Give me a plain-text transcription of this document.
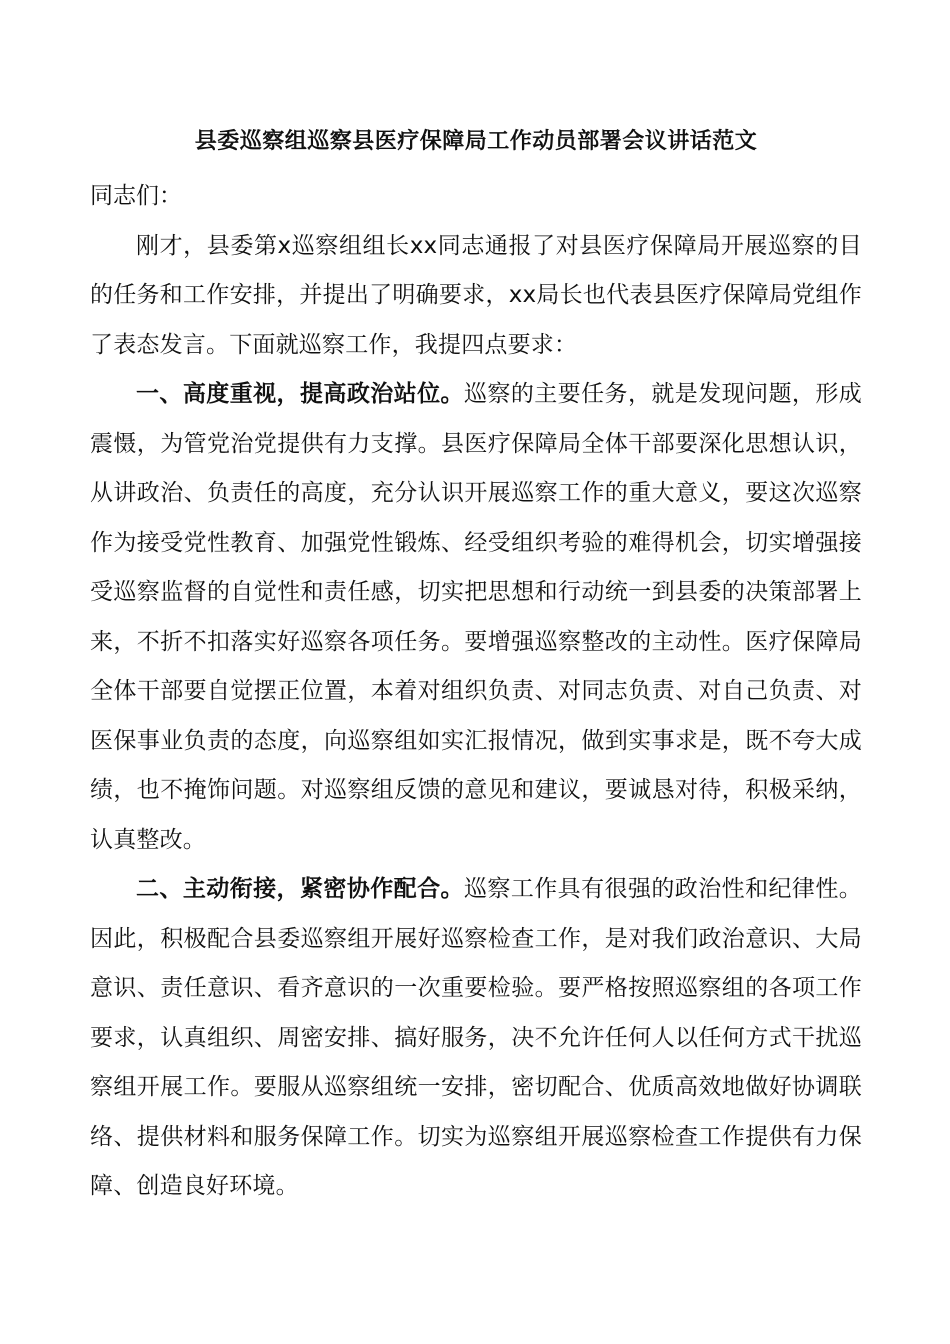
县委巡察组巡察县医疗保障局工作动员部署会议讲话范文

同志们：

刚才，县委第x巡察组组长xx同志通报了对县医疗保障局开展巡察的目的任务和工作安排，并提出了明确要求，xx局长也代表县医疗保障局党组作了表态发言。下面就巡察工作，我提四点要求：

一、高度重视，提高政治站位。巡察的主要任务，就是发现问题，形成震慑，为管党治党提供有力支撑。县医疗保障局全体干部要深化思想认识，从讲政治、负责任的高度，充分认识开展巡察工作的重大意义，要这次巡察作为接受党性教育、加强党性锻炼、经受组织考验的难得机会，切实增强接受巡察监督的自觉性和责任感，切实把思想和行动统一到县委的决策部署上来，不折不扣落实好巡察各项任务。要增强巡察整改的主动性。医疗保障局全体干部要自觉摆正位置，本着对组织负责、对同志负责、对自己负责、对医保事业负责的态度，向巡察组如实汇报情况，做到实事求是，既不夸大成绩，也不掩饰问题。对巡察组反馈的意见和建议，要诚恳对待，积极采纳，认真整改。

二、主动衔接，紧密协作配合。巡察工作具有很强的政治性和纪律性。因此，积极配合县委巡察组开展好巡察检查工作，是对我们政治意识、大局意识、责任意识、看齐意识的一次重要检验。要严格按照巡察组的各项工作要求，认真组织、周密安排、搞好服务，决不允许任何人以任何方式干扰巡察组开展工作。要服从巡察组统一安排，密切配合、优质高效地做好协调联络、提供材料和服务保障工作。切实为巡察组开展巡察检查工作提供有力保障、创造良好环境。
